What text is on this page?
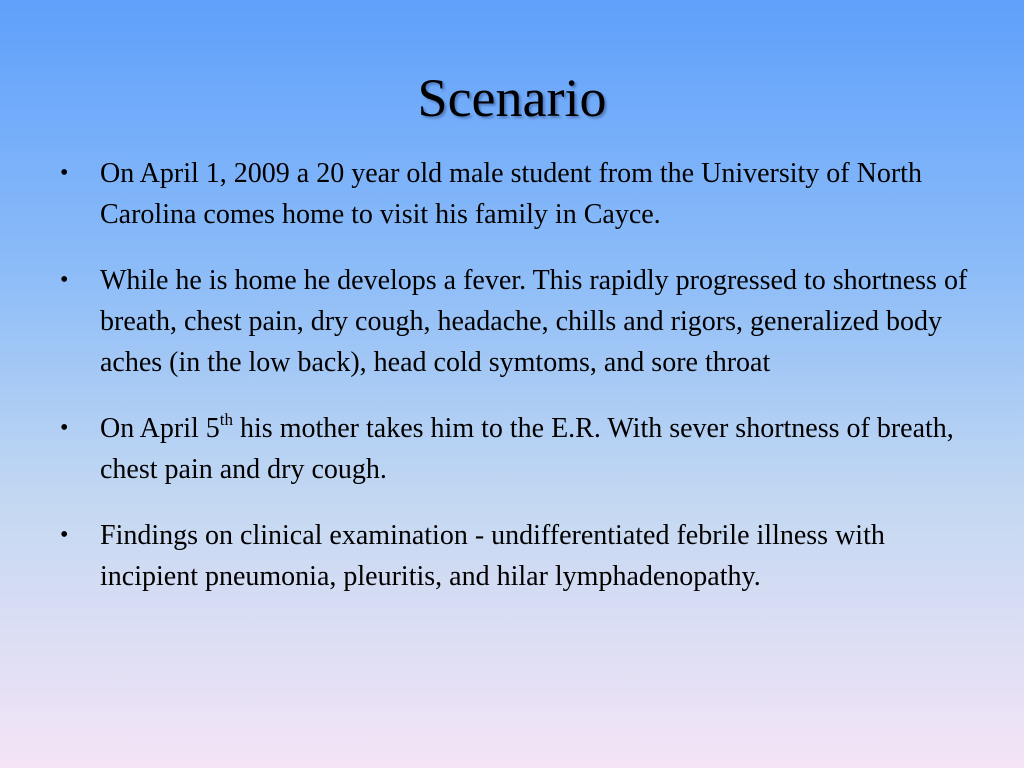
Scenario
• On April 1, 2009 a 20 year old male student from the University of North Carolina comes home to visit his family in Cayce.
• While he is home he develops a fever. This rapidly progressed to shortness of breath, chest pain, dry cough, headache, chills and rigors, generalized body aches (in the low back), head cold symtoms, and sore throat
• On April 5th his mother takes him to the E.R. With sever shortness of breath, chest pain and dry cough.
• Findings on clinical examination - undifferentiated febrile illness with incipient pneumonia, pleuritis, and hilar lymphadenopathy.
